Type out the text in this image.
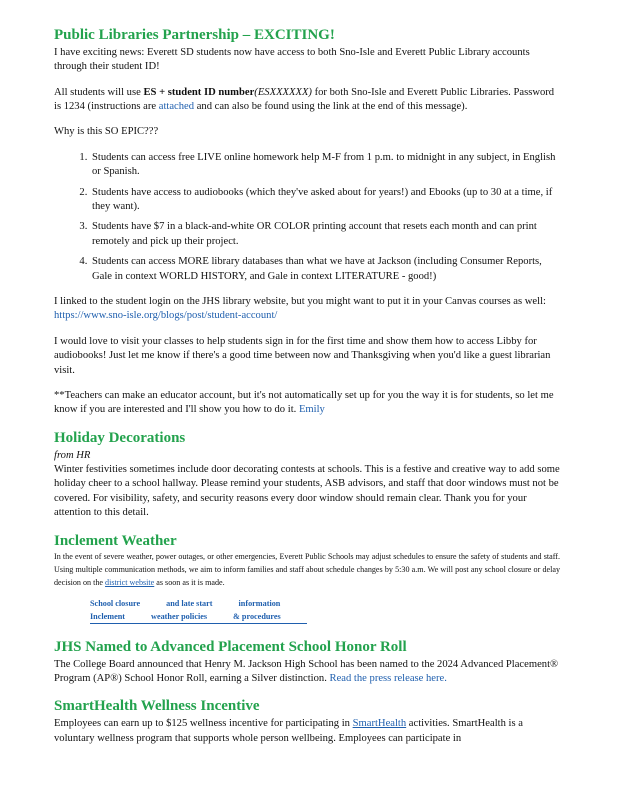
Public Libraries Partnership – EXCITING!

I have exciting news: Everett SD students now have access to both Sno-Isle and Everett Public Library accounts through their student ID!

All students will use ES + student ID number(ESXXXXXX) for both Sno-Isle and Everett Public Libraries. Password is 1234 (instructions are attached and can also be found using the link at the end of this message).

Why is this SO EPIC???

1. Students can access free LIVE online homework help M-F from 1 p.m. to midnight in any subject, in English or Spanish.
2. Students have access to audiobooks (which they've asked about for years!) and Ebooks (up to 30 at a time, if they want).
3. Students have $7 in a black-and-white OR COLOR printing account that resets each month and can print remotely and pick up their project.
4. Students can access MORE library databases than what we have at Jackson (including Consumer Reports, Gale in context WORLD HISTORY, and Gale in context LITERATURE - good!)

I linked to the student login on the JHS library website, but you might want to put it in your Canvas courses as well: https://www.sno-isle.org/blogs/post/student-account/

I would love to visit your classes to help students sign in for the first time and show them how to access Libby for audiobooks! Just let me know if there's a good time between now and Thanksgiving when you'd like a guest librarian visit.

**Teachers can make an educator account, but it's not automatically set up for you the way it is for students, so let me know if you are interested and I'll show you how to do it. Emily

Holiday Decorations

from HR

Winter festivities sometimes include door decorating contests at schools. This is a festive and creative way to add some holiday cheer to a school hallway. Please remind your students, ASB advisors, and staff that door windows must not be covered. For visibility, safety, and security reasons every door window should remain clear. Thank you for your attention to this detail.

Inclement Weather

In the event of severe weather, power outages, or other emergencies, Everett Public Schools may adjust schedules to ensure the safety of students and staff. Using multiple communication methods, we aim to inform families and staff about schedule changes by 5:30 a.m. We will post any school closure or delay decision on the district website as soon as it is made.

School closure	and late start	information
Inclement	weather policies	& procedures
JHS Named to Advanced Placement School Honor Roll

The College Board announced that Henry M. Jackson High School has been named to the 2024 Advanced Placement® Program (AP®) School Honor Roll, earning a Silver distinction. Read the press release here.

SmartHealth Wellness Incentive

Employees can earn up to $125 wellness incentive for participating in SmartHealth activities. SmartHealth is a voluntary wellness program that supports whole person wellbeing. Employees can participate in
